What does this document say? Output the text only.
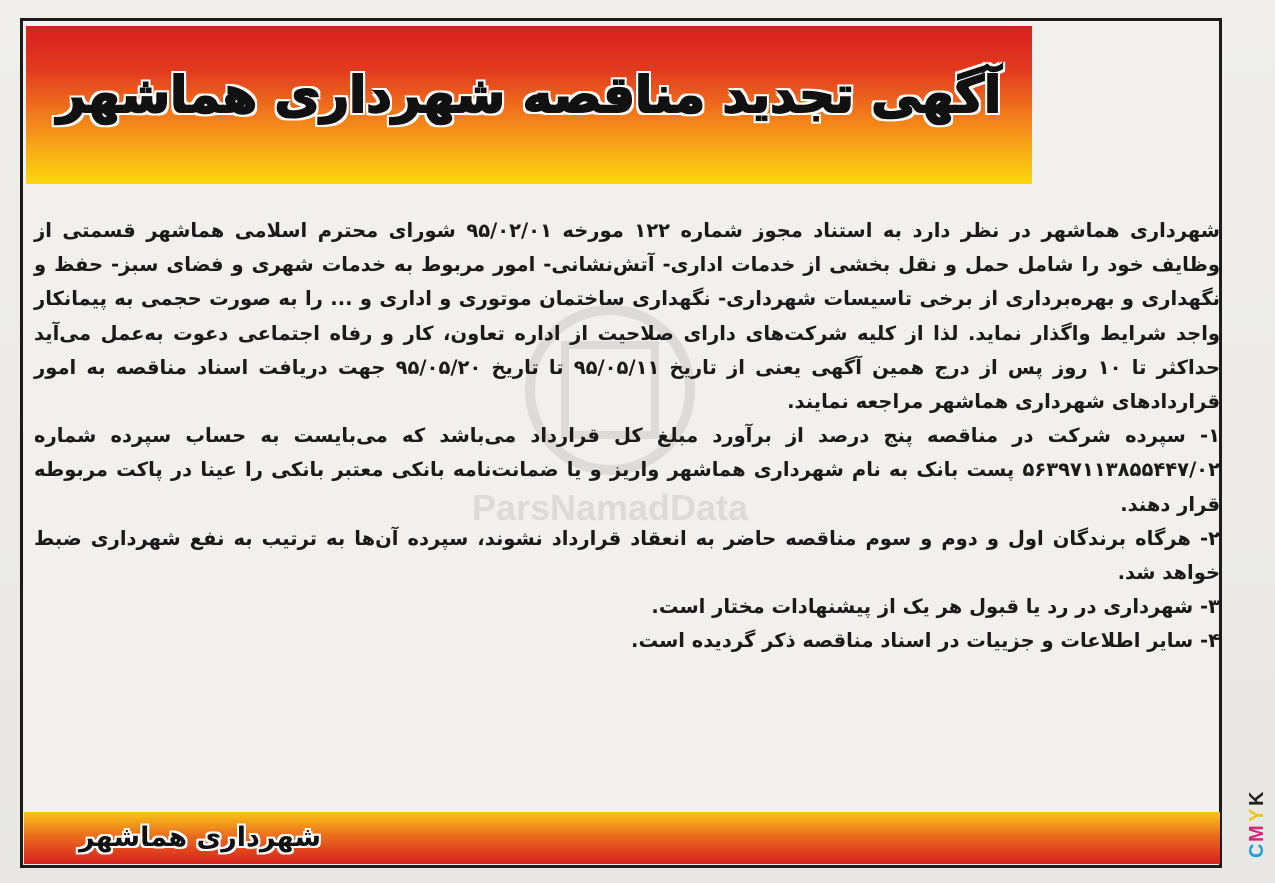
آگهی تجدید مناقصه شهرداری هماشهر

شهرداری هماشهر در نظر دارد به استناد مجوز شماره ۱۲۲ مورخه ۹۵/۰۲/۰۱ شورای محترم اسلامی هماشهر قسمتی از وظایف خود را شامل حمل و نقل بخشی از خدمات اداری- آتش‌نشانی- امور مربوط به خدمات شهری و فضای سبز- حفظ و نگهداری و بهره‌برداری از برخی تاسیسات شهرداری- نگهداری ساختمان موتوری و اداری و ... را به صورت حجمی به پیمانکار واجد شرایط واگذار نماید. لذا از کلیه شرکت‌های دارای صلاحیت از اداره تعاون، کار و رفاه اجتماعی دعوت به‌عمل می‌آید حداکثر تا ۱۰ روز پس از درج همین آگهی یعنی از تاریخ ۹۵/۰۵/۱۱ تا تاریخ ۹۵/۰۵/۲۰ جهت دریافت اسناد مناقصه به امور قراردادهای شهرداری هماشهر مراجعه نمایند.

۱- سپرده شرکت در مناقصه پنج درصد از برآورد مبلغ کل قرارداد می‌باشد که می‌بایست به حساب سپرده شماره ۵۶۳۹۷۱۱۳۸۵۵۴۴۷/۰۲ پست بانک به نام شهرداری هماشهر واریز و یا ضمانت‌نامه بانکی معتبر بانکی را عینا در پاکت مربوطه قرار دهند.

۲- هرگاه برندگان اول و دوم و سوم مناقصه حاضر به انعقاد قرارداد نشوند، سپرده آن‌ها به ترتیب به نفع شهرداری ضبط خواهد شد.

۳- شهرداری در رد یا قبول هر یک از پیشنهادات مختار است.

۴- سایر اطلاعات و جزییات در اسناد مناقصه ذکر گردیده است.

شهرداری هماشهر	C
M
Y
K
